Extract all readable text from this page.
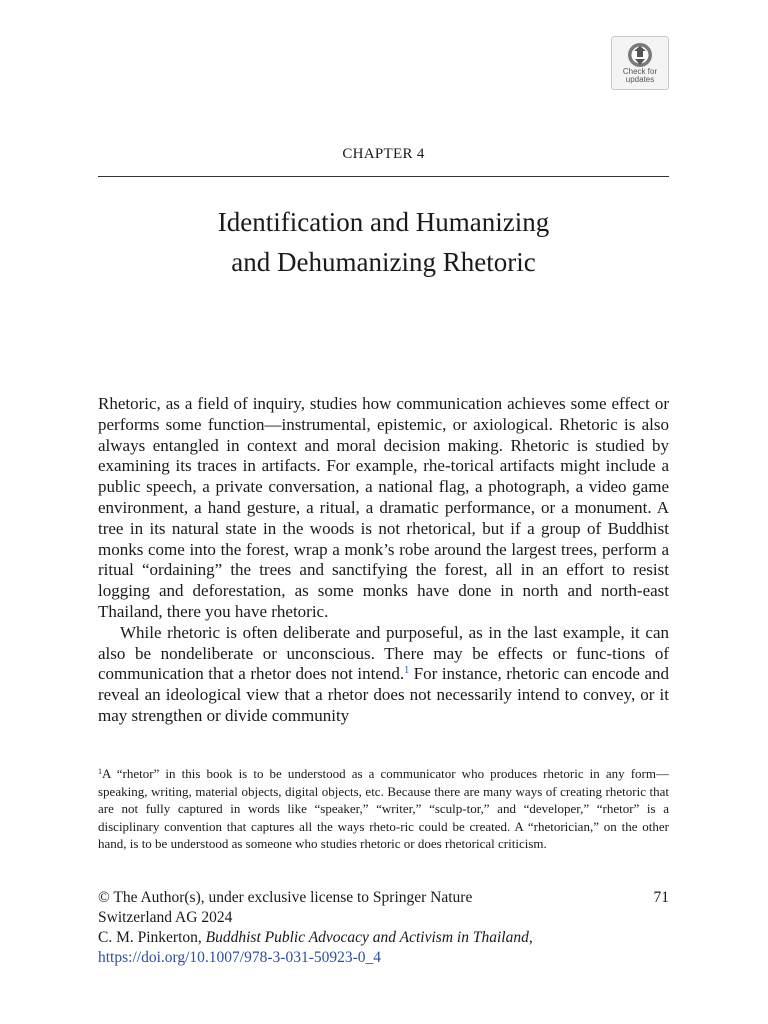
Check for
updates
CHAPTER 4
Identification and Humanizing
and Dehumanizing Rhetoric

Rhetoric, as a field of inquiry, studies how communication achieves some effect or performs some function—instrumental, epistemic, or axiological. Rhetoric is also always entangled in context and moral decision making. Rhetoric is studied by examining its traces in artifacts. For example, rhe-torical artifacts might include a public speech, a private conversation, a national flag, a photograph, a video game environment, a hand gesture, a ritual, a dramatic performance, or a monument. A tree in its natural state in the woods is not rhetorical, but if a group of Buddhist monks come into the forest, wrap a monk’s robe around the largest trees, perform a ritual “ordaining” the trees and sanctifying the forest, all in an effort to resist logging and deforestation, as some monks have done in north and north-east Thailand, there you have rhetoric.

While rhetoric is often deliberate and purposeful, as in the last example, it can also be nondeliberate or unconscious. There may be effects or func-tions of communication that a rhetor does not intend.$^1$ For instance, rhetoric can encode and reveal an ideological view that a rhetor does not necessarily intend to convey, or it may strengthen or divide community

$^1$A “rhetor” in this book is to be understood as a communicator who produces rhetoric in any form—speaking, writing, material objects, digital objects, etc. Because there are many ways of creating rhetoric that are not fully captured in words like “speaker,” “writer,” “sculp-tor,” and “developer,” “rhetor” is a disciplinary convention that captures all the ways rheto-ric could be created. A “rhetorician,” on the other hand, is to be understood as someone who studies rhetoric or does rhetorical criticism.
© The Author(s), under exclusive license to Springer Nature
Switzerland AG 2024
C. M. Pinkerton, Buddhist Public Advocacy and Activism in Thailand,
https://doi.org/10.1007/978-3-031-50923-0_4
71
